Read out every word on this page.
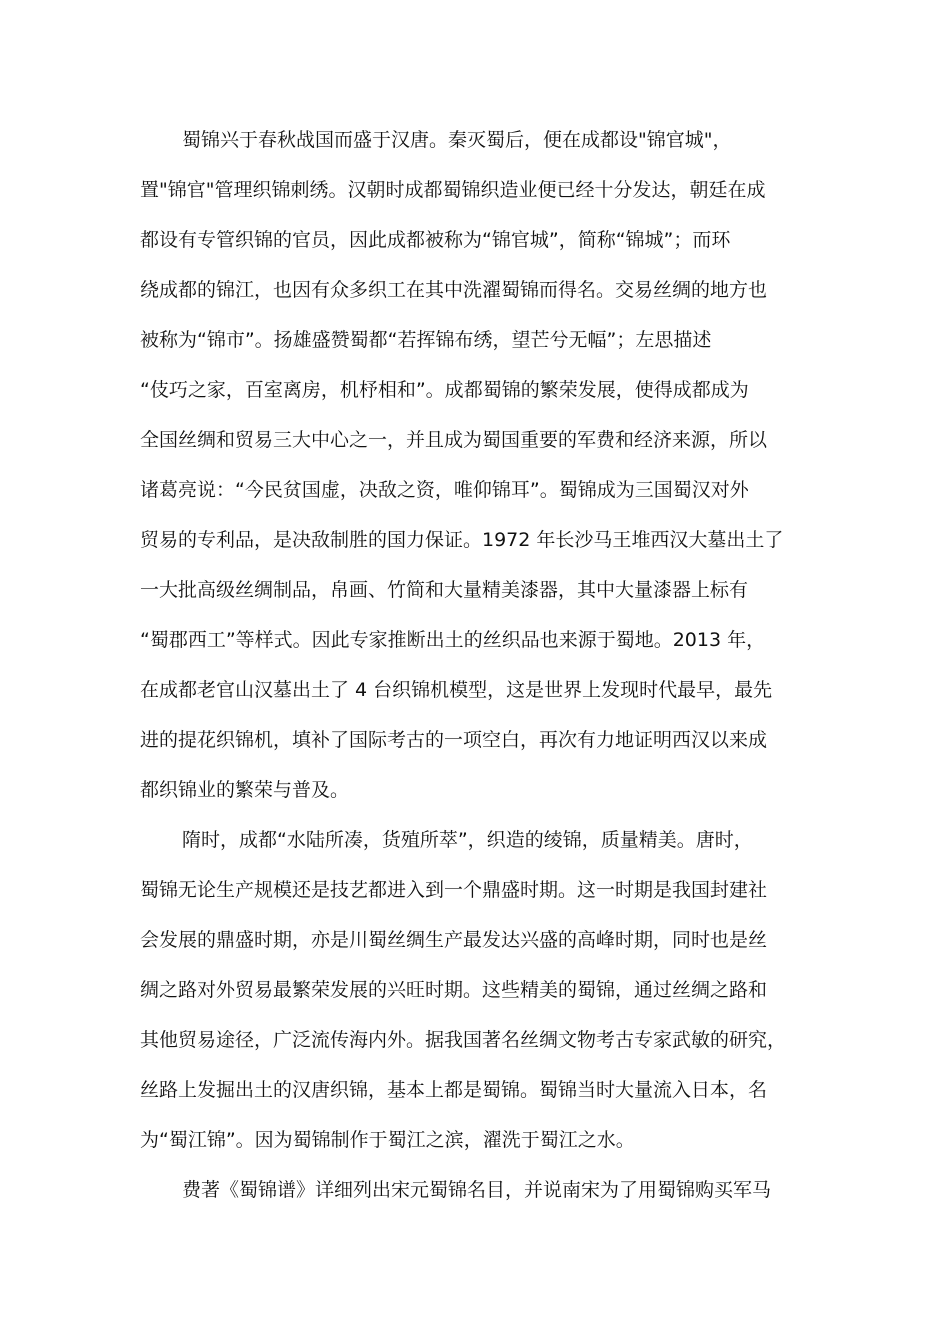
蜀锦兴于春秋战国而盛于汉唐。秦灭蜀后，便在成都设"锦官城"，
置"锦官"管理织锦刺绣。汉朝时成都蜀锦织造业便已经十分发达，朝廷在成
都设有专管织锦的官员，因此成都被称为“锦官城”，简称“锦城”；而环
绕成都的锦江，也因有众多织工在其中洗濯蜀锦而得名。交易丝绸的地方也
被称为“锦市”。扬雄盛赞蜀都“若挥锦布绣，望芒兮无幅”；左思描述
“伎巧之家，百室离房，机杼相和”。成都蜀锦的繁荣发展，使得成都成为
全国丝绸和贸易三大中心之一，并且成为蜀国重要的军费和经济来源，所以
诸葛亮说：“今民贫国虚，决敌之资，唯仰锦耳”。蜀锦成为三国蜀汉对外
贸易的专利品，是决敌制胜的国力保证。1972 年长沙马王堆西汉大墓出土了
一大批高级丝绸制品，帛画、竹简和大量精美漆器，其中大量漆器上标有
“蜀郡西工”等样式。因此专家推断出土的丝织品也来源于蜀地。2013 年，
在成都老官山汉墓出土了 4 台织锦机模型，这是世界上发现时代最早，最先
进的提花织锦机，填补了国际考古的一项空白，再次有力地证明西汉以来成
都织锦业的繁荣与普及。
隋时，成都“水陆所凑，货殖所萃”，织造的绫锦，质量精美。唐时，
蜀锦无论生产规模还是技艺都进入到一个鼎盛时期。这一时期是我国封建社
会发展的鼎盛时期，亦是川蜀丝绸生产最发达兴盛的高峰时期，同时也是丝
绸之路对外贸易最繁荣发展的兴旺时期。这些精美的蜀锦，通过丝绸之路和
其他贸易途径，广泛流传海内外。据我国著名丝绸文物考古专家武敏的研究，
丝路上发掘出土的汉唐织锦，基本上都是蜀锦。蜀锦当时大量流入日本，名
为“蜀江锦”。因为蜀锦制作于蜀江之滨，濯洗于蜀江之水。
费著《蜀锦谱》详细列出宋元蜀锦名目，并说南宋为了用蜀锦购买军马
